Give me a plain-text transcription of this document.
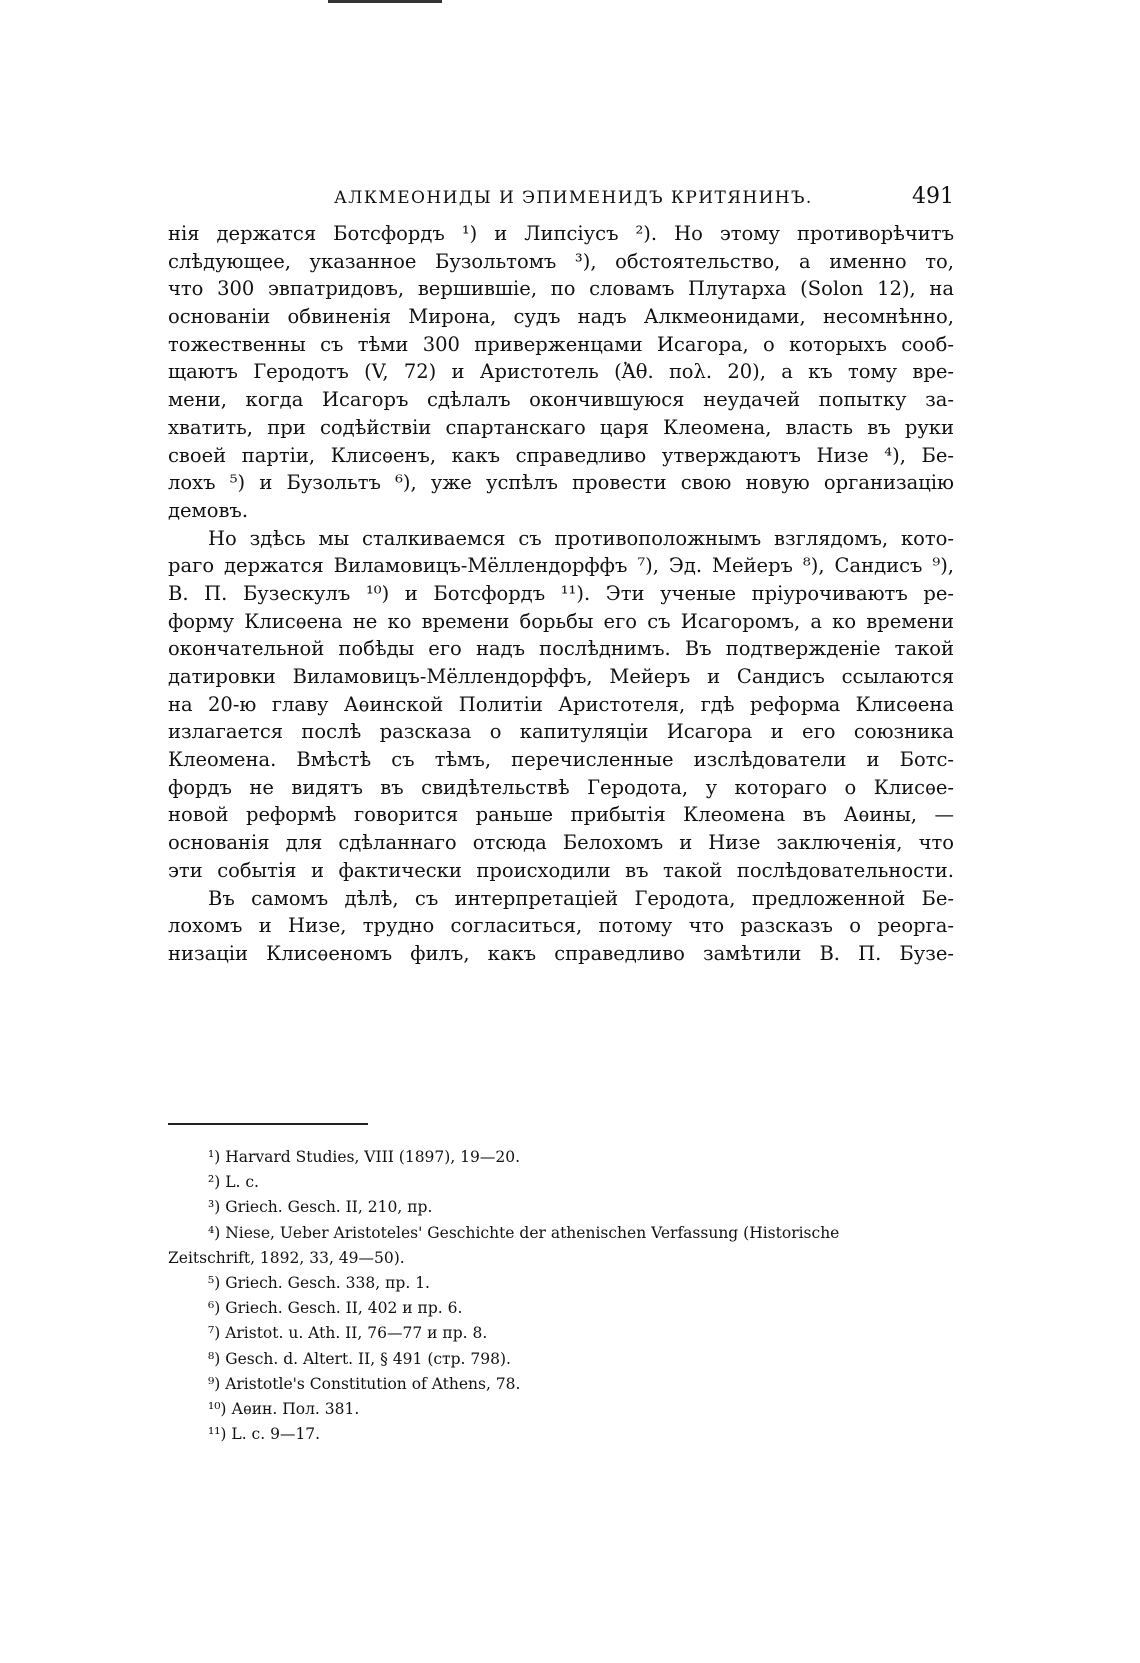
АЛКМЕОНИДЫ И ЭПИМЕНИДЪ КРИТЯНИНЪ.	491
нія держатся Ботсфордъ ¹) и Липсіусъ ²). Но этому противорѣчитъ
слѣдующее, указанное Бузольтомъ ³), обстоятельство, а именно то,
что 300 эвпатридовъ, вершившіе, по словамъ Плутарха (Solon 12), на
основаніи обвиненія Мирона, судъ надъ Алкмеонидами, несомнѣнно,
тожественны съ тѣми 300 приверженцами Исагора, о которыхъ сооб-
щаютъ Геродотъ (V, 72) и Аристотель (Ἀθ. πολ. 20), а къ тому вре-
мени, когда Исагоръ сдѣлалъ окончившуюся неудачей попытку за-
хватить, при содѣйствіи спартанскаго царя Клеомена, власть въ руки
своей партіи, Клисѳенъ, какъ справедливо утверждаютъ Низе ⁴), Бе-
лохъ ⁵) и Бузольтъ ⁶), уже успѣлъ провести свою новую организацію
демовъ.
Но здѣсь мы сталкиваемся съ противоположнымъ взглядомъ, кото-
раго держатся Виламовицъ-Мёллендорффъ ⁷), Эд. Мейеръ ⁸), Сандисъ ⁹),
В. П. Бузескулъ ¹⁰) и Ботсфордъ ¹¹). Эти ученые пріурочиваютъ ре-
форму Клисѳена не ко времени борьбы его съ Исагоромъ, а ко времени
окончательной побѣды его надъ послѣднимъ. Въ подтвержденіе такой
датировки Виламовицъ-Мёллендорффъ, Мейеръ и Сандисъ ссылаются
на 20-ю главу Аѳинской Политіи Аристотеля, гдѣ реформа Клисѳена
излагается послѣ разсказа о капитуляціи Исагора и его союзника
Клеомена. Вмѣстѣ съ тѣмъ, перечисленные изслѣдователи и Ботс-
фордъ не видятъ въ свидѣтельствѣ Геродота, у котораго о Клисѳе-
новой реформѣ говорится раньше прибытія Клеомена въ Аѳины, —
основанія для сдѣланнаго отсюда Белохомъ и Низе заключенія, что
эти событія и фактически происходили въ такой послѣдовательности.
Въ самомъ дѣлѣ, съ интерпретаціей Геродота, предложенной Бе-
лохомъ и Низе, трудно согласиться, потому что разсказъ о реорга-
низаціи Клисѳеномъ филъ, какъ справедливо замѣтили В. П. Бузе-
¹) Harvard Studies, VIII (1897), 19—20.
²) L. c.
³) Griech. Gesch. II, 210, пр.
⁴) Niese, Ueber Aristoteles' Geschichte der athenischen Verfassung (Historische
Zeitschrift, 1892, 33, 49—50).
⁵) Griech. Gesch. 338, пр. 1.
⁶) Griech. Gesch. II, 402 и пр. 6.
⁷) Aristot. u. Ath. II, 76—77 и пр. 8.
⁸) Gesch. d. Altert. II, § 491 (стр. 798).
⁹) Aristotle's Constitution of Athens, 78.
¹⁰) Аѳин. Пол. 381.
¹¹) L. c. 9—17.
